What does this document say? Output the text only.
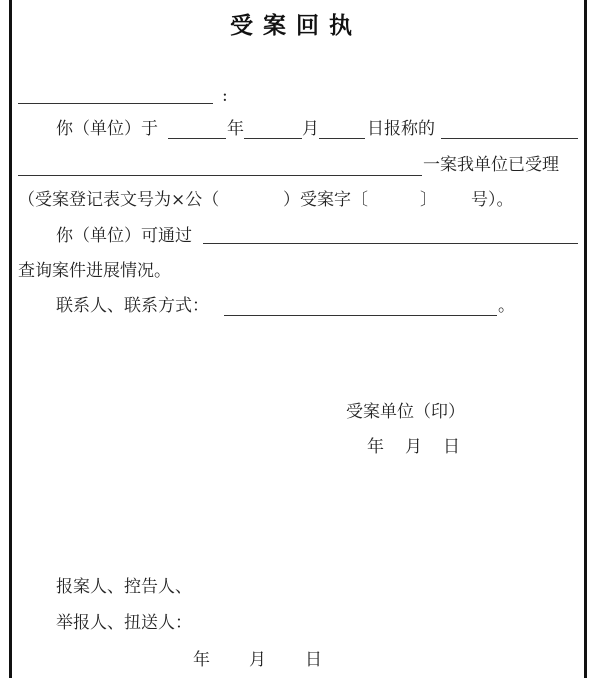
受案回执
:
你（单位）于	年	月	日报称的
一案我单位已受理
（受案登记表文号为×公（	）受案字〔	〕 号）。
你（单位）可通过
查询案件进展情况。
联系人、联系方式：	。
受案单位（印）
年 月 日
报案人、控告人、
举报人、扭送人：
年 月 日
